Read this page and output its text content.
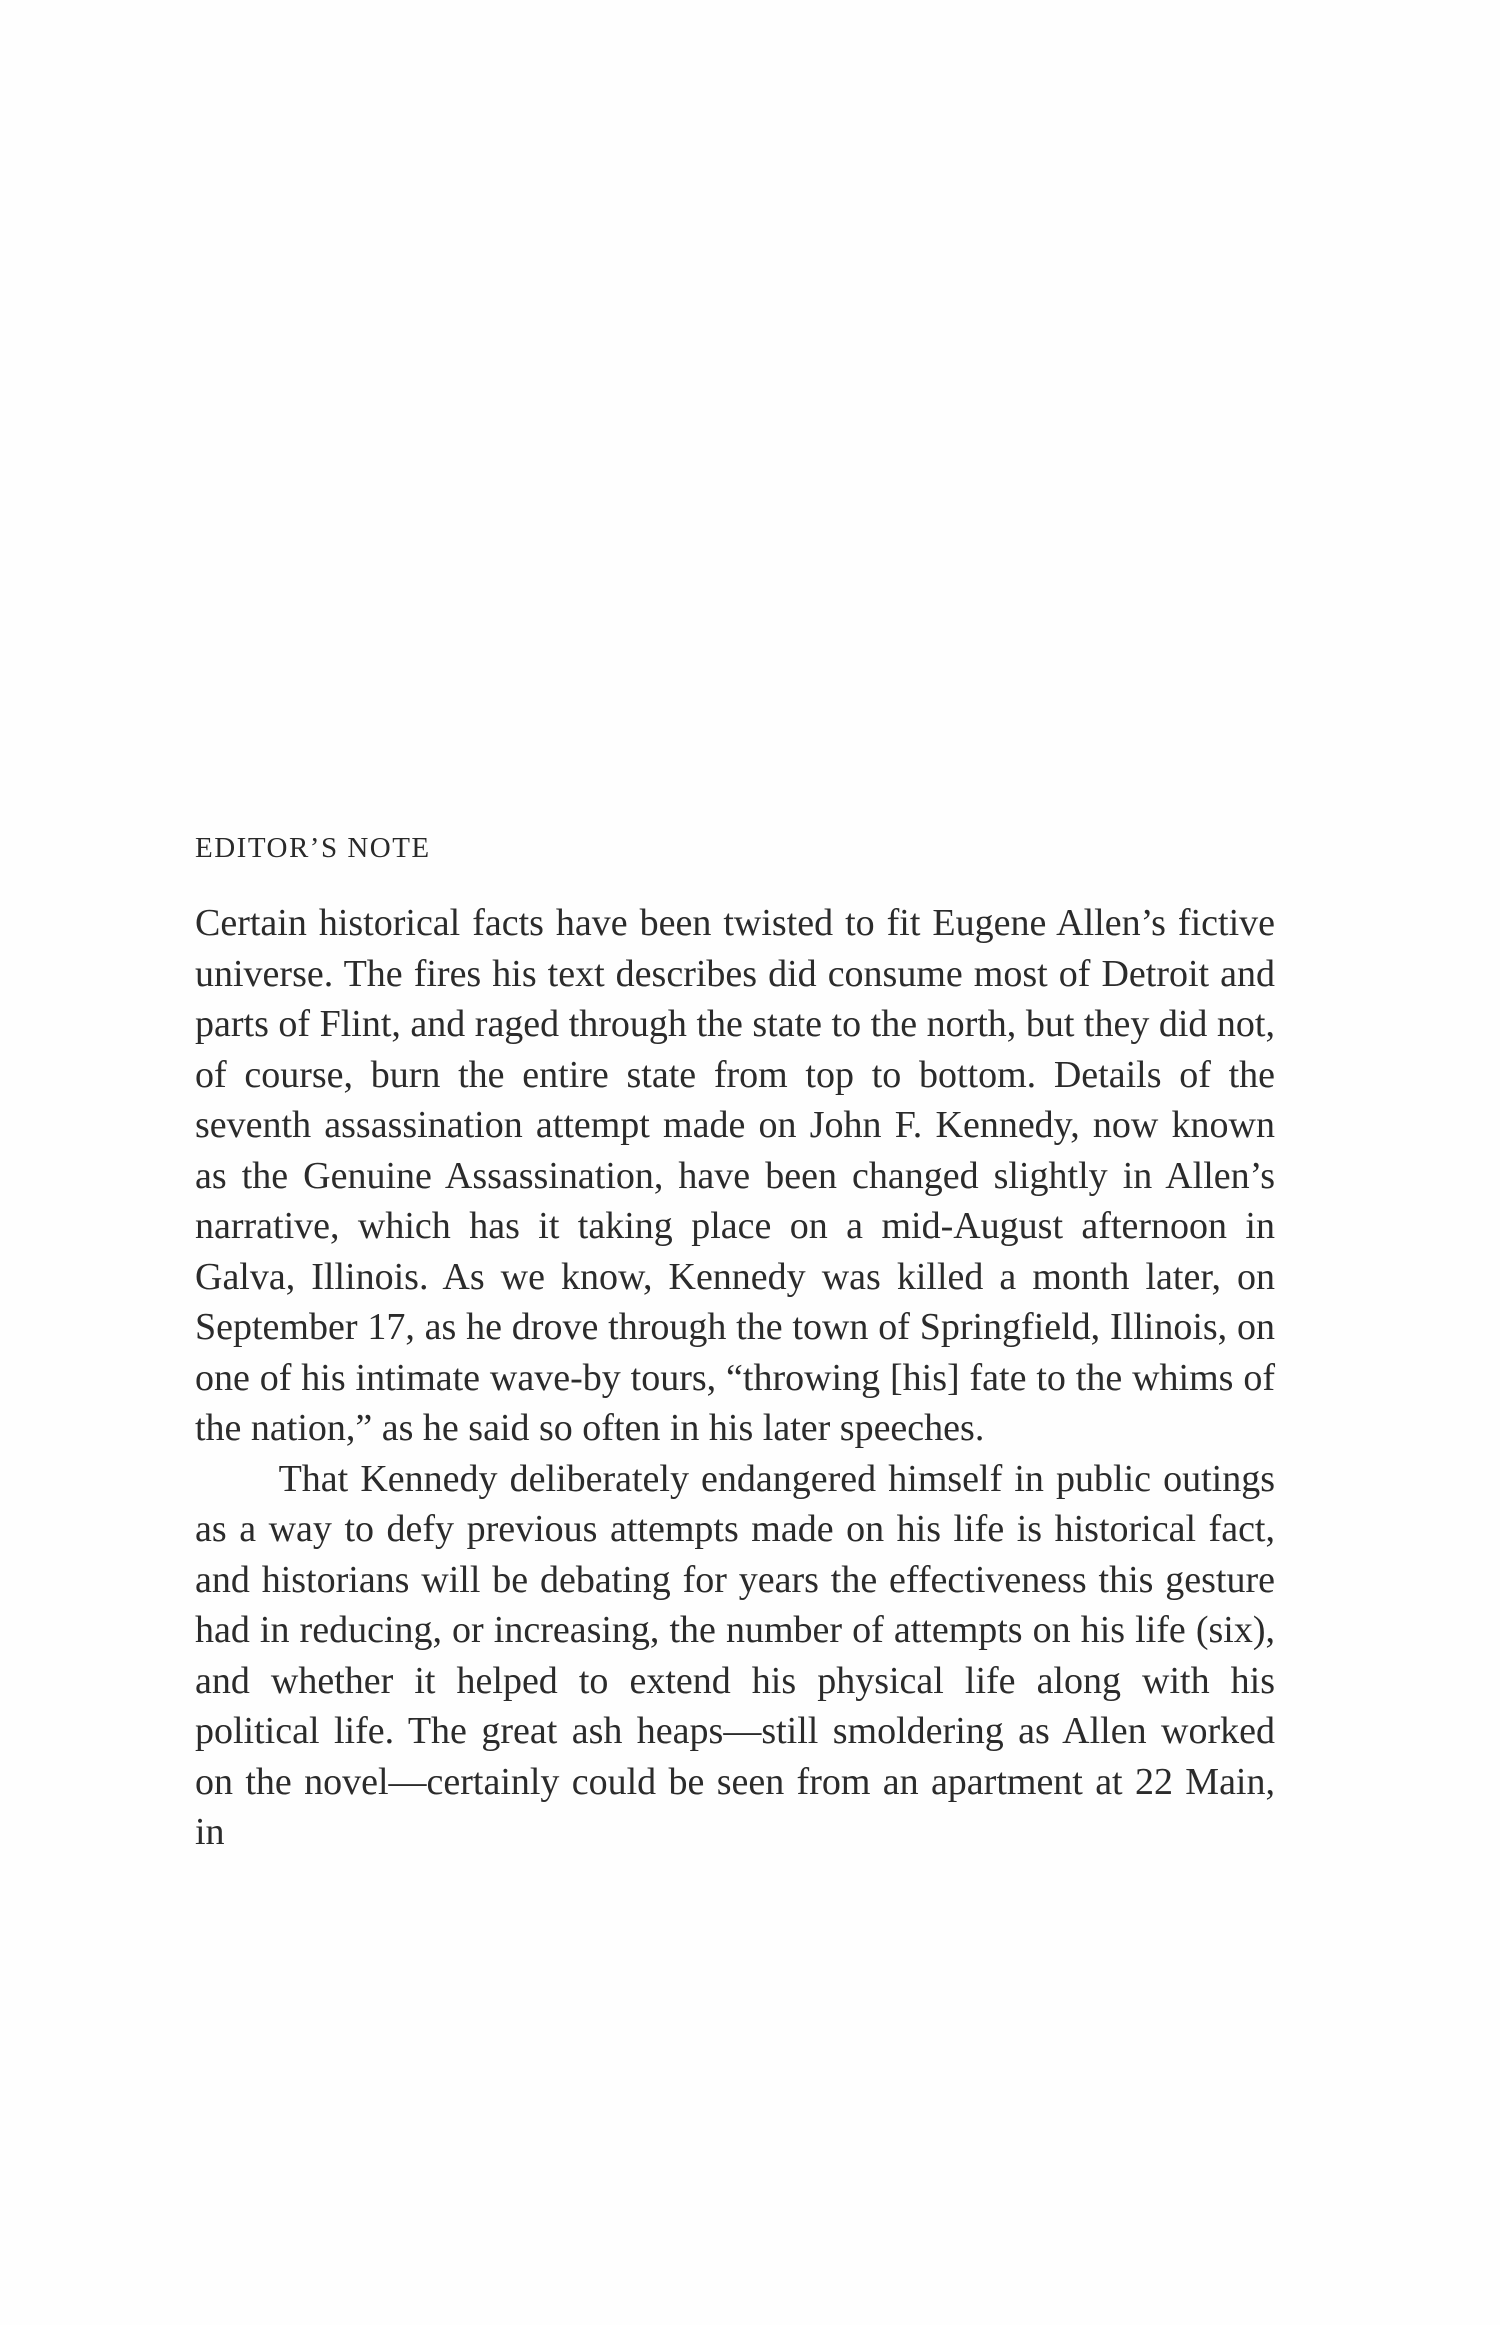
EDITOR’S NOTE

Certain historical facts have been twisted to fit Eugene Allen’s fictive universe. The fires his text describes did consume most of Detroit and parts of Flint, and raged through the state to the north, but they did not, of course, burn the entire state from top to bottom. Details of the seventh assassination attempt made on John F. Kennedy, now known as the Genuine Assassination, have been changed slightly in Allen’s narrative, which has it taking place on a mid-August afternoon in Galva, Illinois. As we know, Kennedy was killed a month later, on September 17, as he drove through the town of Springfield, Illinois, on one of his intimate wave-by tours, “throwing [his] fate to the whims of the nation,” as he said so often in his later speeches.

That Kennedy deliberately endangered himself in public outings as a way to defy previous attempts made on his life is historical fact, and historians will be debating for years the effectiveness this gesture had in reducing, or increasing, the number of attempts on his life (six), and whether it helped to extend his physical life along with his political life. The great ash heaps—still smoldering as Allen worked on the novel—certainly could be seen from an apartment at 22 Main, in
